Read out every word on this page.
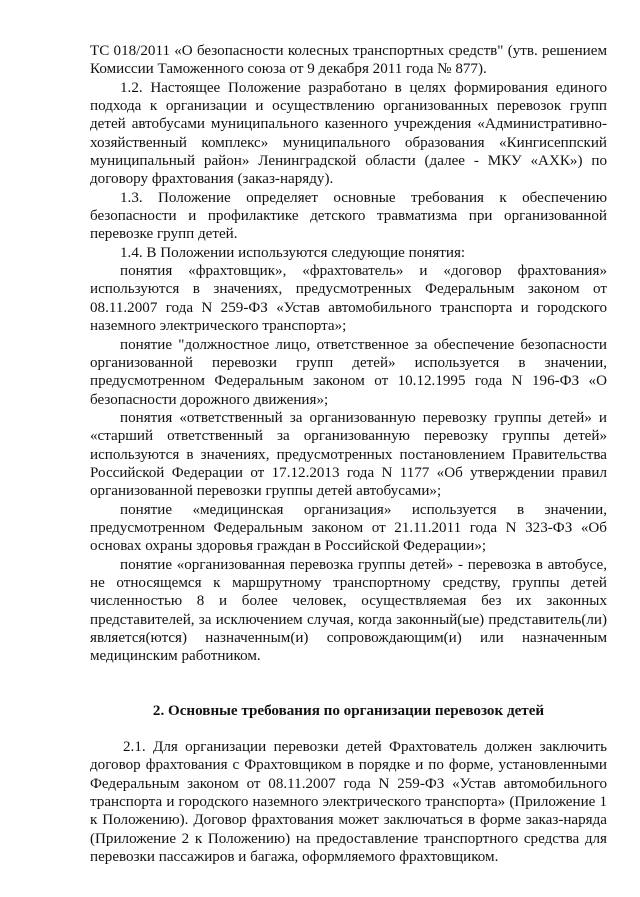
ТС 018/2011 «О безопасности колесных транспортных средств" (утв. решением Комиссии Таможенного союза от 9 декабря 2011 года № 877).

1.2. Настоящее Положение разработано в целях формирования единого подхода к организации и осуществлению организованных перевозок групп детей автобусами муниципального казенного учреждения «Административно-хозяйственный комплекс» муниципального образования «Кингисеппский муниципальный район» Ленинградской области (далее - МКУ «АХК») по договору фрахтования (заказ-наряду).

1.3. Положение определяет основные требования к обеспечению безопасности и профилактике детского травматизма при организованной перевозке групп детей.

1.4. В Положении используются следующие понятия:

понятия «фрахтовщик», «фрахтователь» и «договор фрахтования» используются в значениях, предусмотренных Федеральным законом от 08.11.2007 года N 259-ФЗ «Устав автомобильного транспорта и городского наземного электрического транспорта»;

понятие "должностное лицо, ответственное за обеспечение безопасности организованной перевозки групп детей» используется в значении, предусмотренном Федеральным законом от 10.12.1995 года N 196-ФЗ «О безопасности дорожного движения»;

понятия «ответственный за организованную перевозку группы детей» и «старший ответственный за организованную перевозку группы детей» используются в значениях, предусмотренных постановлением Правительства Российской Федерации от 17.12.2013 года N 1177 «Об утверждении правил организованной перевозки группы детей автобусами»;

понятие «медицинская организация» используется в значении, предусмотренном Федеральным законом от 21.11.2011 года N 323-ФЗ «Об основах охраны здоровья граждан в Российской Федерации»;

понятие «организованная перевозка группы детей» - перевозка в автобусе, не относящемся к маршрутному транспортному средству, группы детей численностью 8 и более человек, осуществляемая без их законных представителей, за исключением случая, когда законный(ые) представитель(ли) является(ются) назначенным(и) сопровождающим(и) или назначенным медицинским работником.

2. Основные требования по организации перевозок детей

2.1. Для организации перевозки детей Фрахтователь должен заключить договор фрахтования с Фрахтовщиком в порядке и по форме, установленными Федеральным законом от 08.11.2007 года N 259-ФЗ «Устав автомобильного транспорта и городского наземного электрического транспорта» (Приложение 1 к Положению). Договор фрахтования может заключаться в форме заказ-наряда (Приложение 2 к Положению) на предоставление транспортного средства для перевозки пассажиров и багажа, оформляемого фрахтовщиком.
